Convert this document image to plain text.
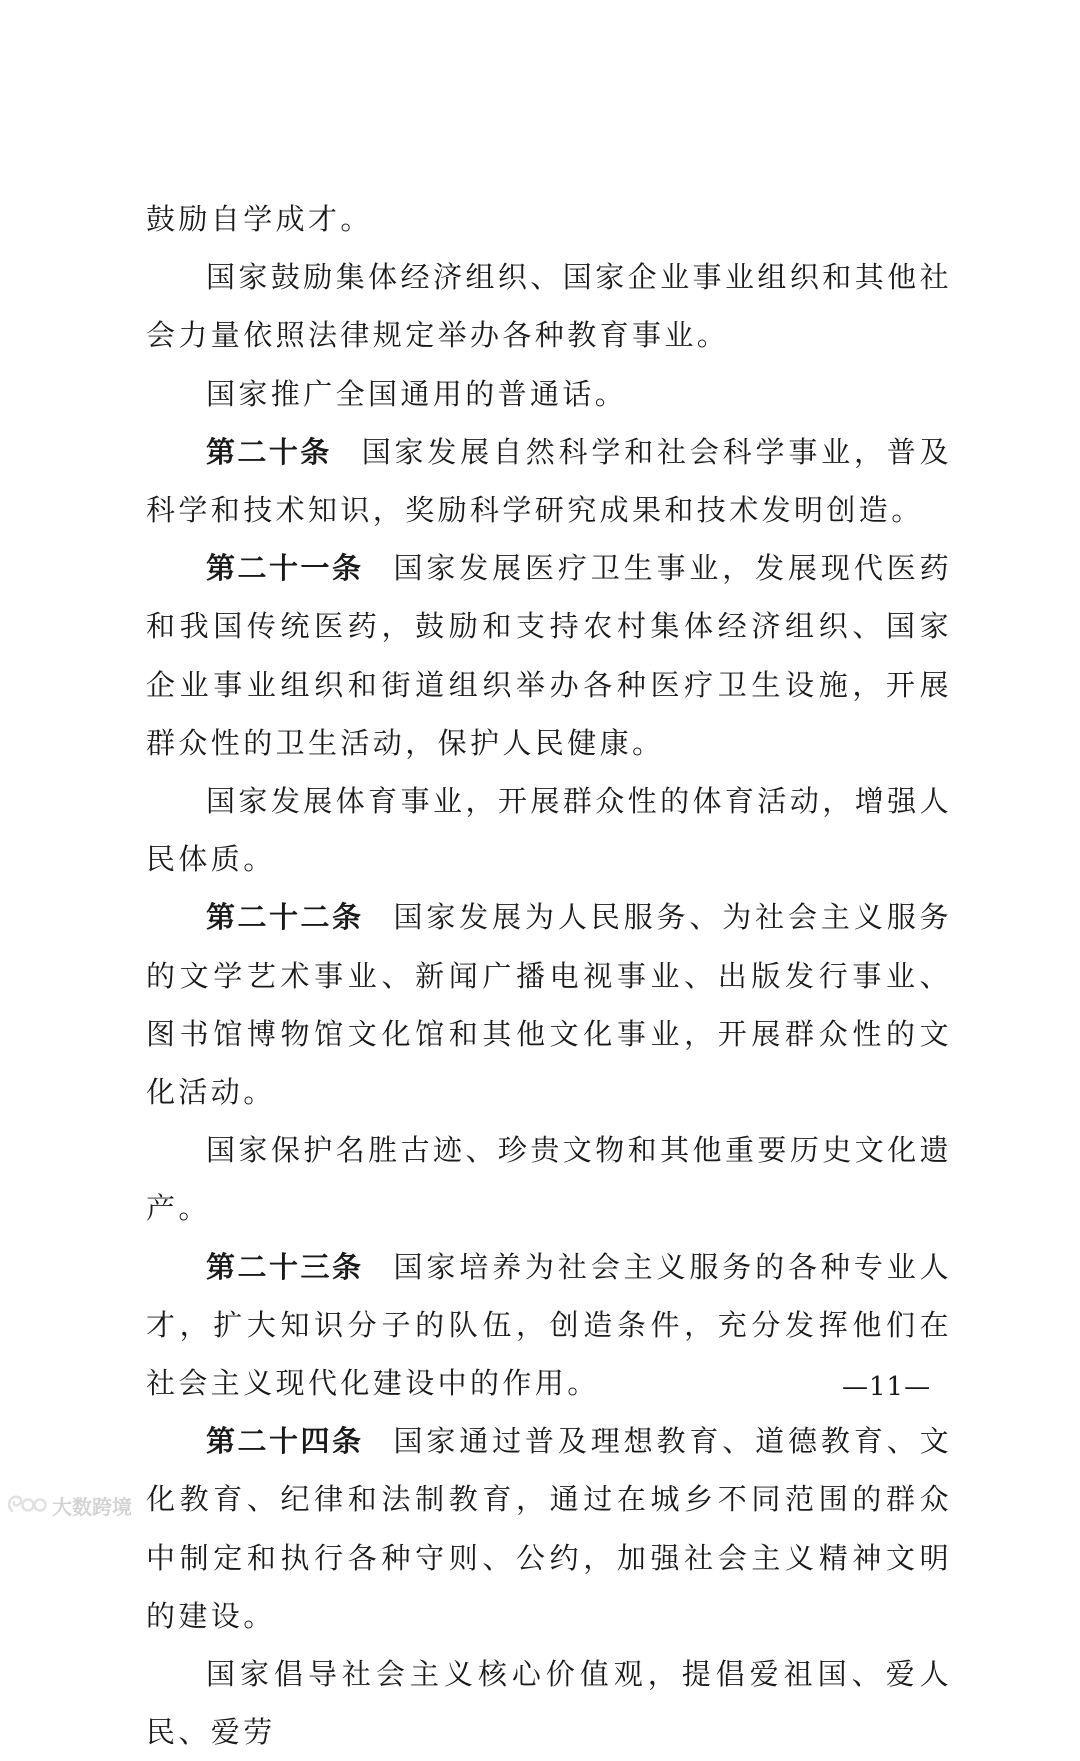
鼓励自学成才。

国家鼓励集体经济组织、国家企业事业组织和其他社会力量依照法律规定举办各种教育事业。

国家推广全国通用的普通话。

第二十条 国家发展自然科学和社会科学事业，普及科学和技术知识，奖励科学研究成果和技术发明创造。

第二十一条 国家发展医疗卫生事业，发展现代医药和我国传统医药，鼓励和支持农村集体经济组织、国家企业事业组织和街道组织举办各种医疗卫生设施，开展群众性的卫生活动，保护人民健康。

国家发展体育事业，开展群众性的体育活动，增强人民体质。

第二十二条 国家发展为人民服务、为社会主义服务的文学艺术事业、新闻广播电视事业、出版发行事业、图书馆博物馆文化馆和其他文化事业，开展群众性的文化活动。

国家保护名胜古迹、珍贵文物和其他重要历史文化遗产。

第二十三条 国家培养为社会主义服务的各种专业人才，扩大知识分子的队伍，创造条件，充分发挥他们在社会主义现代化建设中的作用。

第二十四条 国家通过普及理想教育、道德教育、文化教育、纪律和法制教育，通过在城乡不同范围的群众中制定和执行各种守则、公约，加强社会主义精神文明的建设。

国家倡导社会主义核心价值观，提倡爱祖国、爱人民、爱劳

—11—
大数跨境
